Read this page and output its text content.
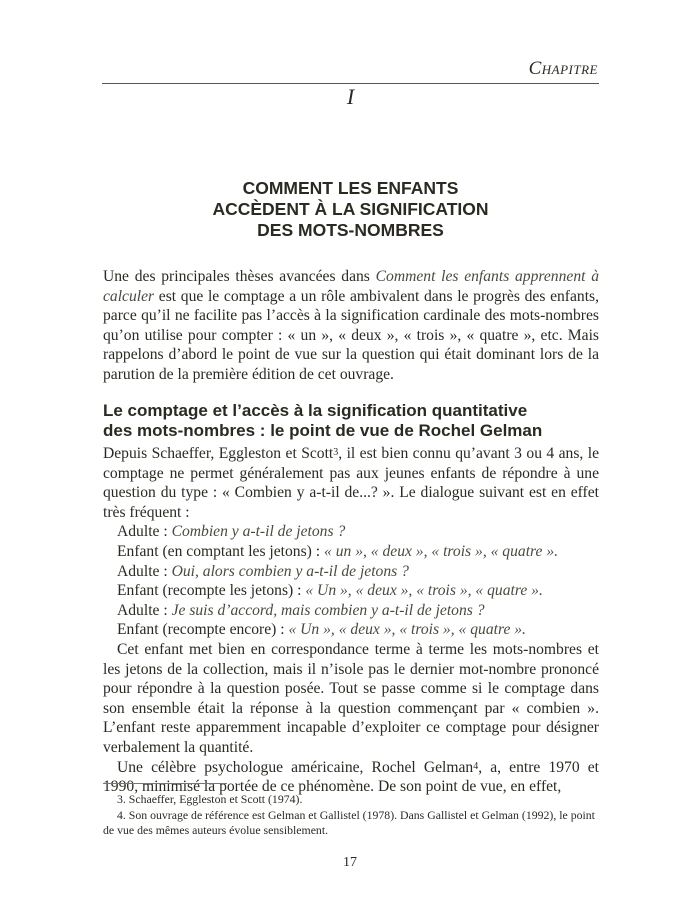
Chapitre
I
COMMENT LES ENFANTS
ACCÈDENT À LA SIGNIFICATION
DES MOTS-NOMBRES
Une des principales thèses avancées dans Comment les enfants apprennent à calculer est que le comptage a un rôle ambivalent dans le progrès des enfants, parce qu’il ne facilite pas l’accès à la signification cardinale des mots-nombres qu’on utilise pour compter : « un », « deux », « trois », « quatre », etc. Mais rappelons d’abord le point de vue sur la question qui était dominant lors de la parution de la première édition de cet ouvrage.
Le comptage et l’accès à la signification quantitative
des mots-nombres : le point de vue de Rochel Gelman
Depuis Schaeffer, Eggleston et Scott$^3$, il est bien connu qu’avant 3 ou 4 ans, le comptage ne permet généralement pas aux jeunes enfants de répondre à une question du type : « Combien y a-t-il de...? ». Le dialogue suivant est en effet très fréquent :
Adulte : Combien y a-t-il de jetons ?
Enfant (en comptant les jetons) : « un », « deux », « trois », « quatre ».
Adulte : Oui, alors combien y a-t-il de jetons ?
Enfant (recompte les jetons) : « Un », « deux », « trois », « quatre ».
Adulte : Je suis d’accord, mais combien y a-t-il de jetons ?
Enfant (recompte encore) : « Un », « deux », « trois », « quatre ».
Cet enfant met bien en correspondance terme à terme les mots-nombres et les jetons de la collection, mais il n’isole pas le dernier mot-nombre prononcé pour répondre à la question posée. Tout se passe comme si le comptage dans son ensemble était la réponse à la question commençant par « combien ». L’enfant reste apparemment incapable d’exploiter ce comptage pour désigner verbalement la quantité.
Une célèbre psychologue américaine, Rochel Gelman$^4$, a, entre 1970 et 1990, minimisé la portée de ce phénomène. De son point de vue, en effet,
3. Schaeffer, Eggleston et Scott (1974).
4. Son ouvrage de référence est Gelman et Gallistel (1978). Dans Gallistel et Gelman (1992), le point de vue des mêmes auteurs évolue sensiblement.
17
